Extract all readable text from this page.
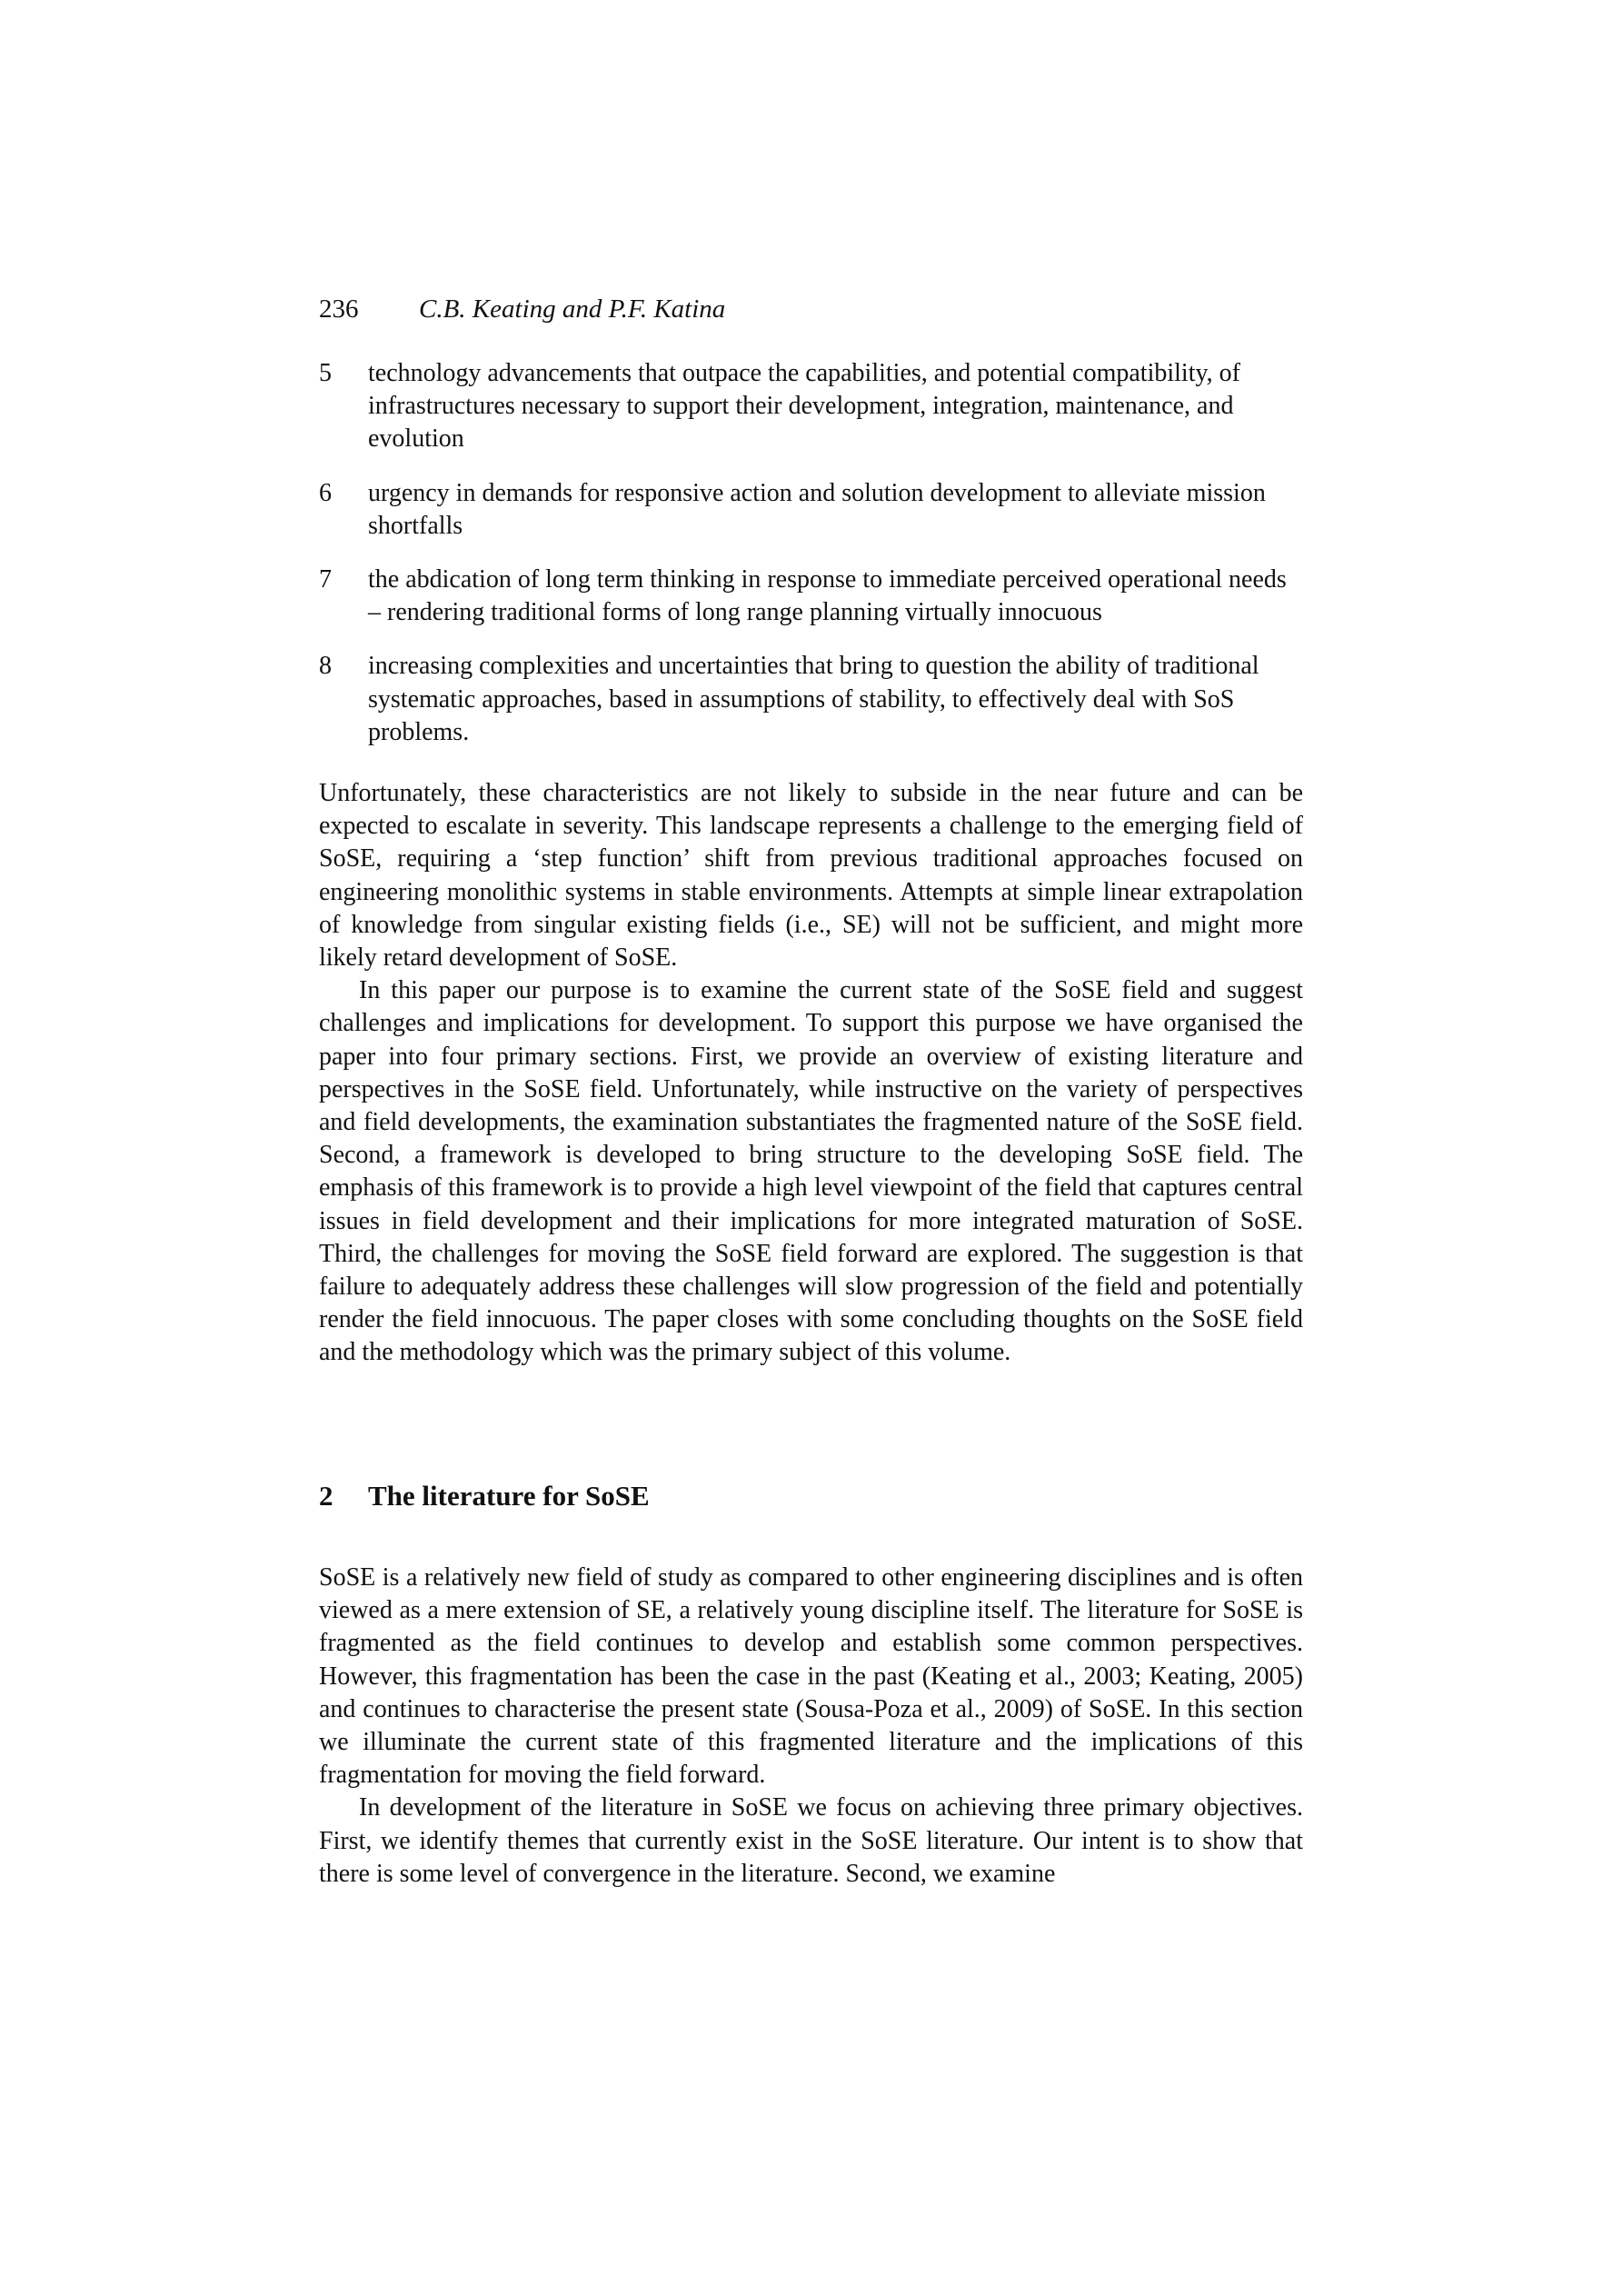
236 C.B. Keating and P.F. Katina
5	technology advancements that outpace the capabilities, and potential compatibility, of infrastructures necessary to support their development, integration, maintenance, and evolution
6	urgency in demands for responsive action and solution development to alleviate mission shortfalls
7	the abdication of long term thinking in response to immediate perceived operational needs – rendering traditional forms of long range planning virtually innocuous
8	increasing complexities and uncertainties that bring to question the ability of traditional systematic approaches, based in assumptions of stability, to effectively deal with SoS problems.

Unfortunately, these characteristics are not likely to subside in the near future and can be expected to escalate in severity. This landscape represents a challenge to the emerging field of SoSE, requiring a ‘step function’ shift from previous traditional approaches focused on engineering monolithic systems in stable environments. Attempts at simple linear extrapolation of knowledge from singular existing fields (i.e., SE) will not be sufficient, and might more likely retard development of SoSE.

In this paper our purpose is to examine the current state of the SoSE field and suggest challenges and implications for development. To support this purpose we have organised the paper into four primary sections. First, we provide an overview of existing literature and perspectives in the SoSE field. Unfortunately, while instructive on the variety of perspectives and field developments, the examination substantiates the fragmented nature of the SoSE field. Second, a framework is developed to bring structure to the developing SoSE field. The emphasis of this framework is to provide a high level viewpoint of the field that captures central issues in field development and their implications for more integrated maturation of SoSE. Third, the challenges for moving the SoSE field forward are explored. The suggestion is that failure to adequately address these challenges will slow progression of the field and potentially render the field innocuous. The paper closes with some concluding thoughts on the SoSE field and the methodology which was the primary subject of this volume.

2 The literature for SoSE

SoSE is a relatively new field of study as compared to other engineering disciplines and is often viewed as a mere extension of SE, a relatively young discipline itself. The literature for SoSE is fragmented as the field continues to develop and establish some common perspectives. However, this fragmentation has been the case in the past (Keating et al., 2003; Keating, 2005) and continues to characterise the present state (Sousa-Poza et al., 2009) of SoSE. In this section we illuminate the current state of this fragmented literature and the implications of this fragmentation for moving the field forward.

In development of the literature in SoSE we focus on achieving three primary objectives. First, we identify themes that currently exist in the SoSE literature. Our intent is to show that there is some level of convergence in the literature. Second, we examine
